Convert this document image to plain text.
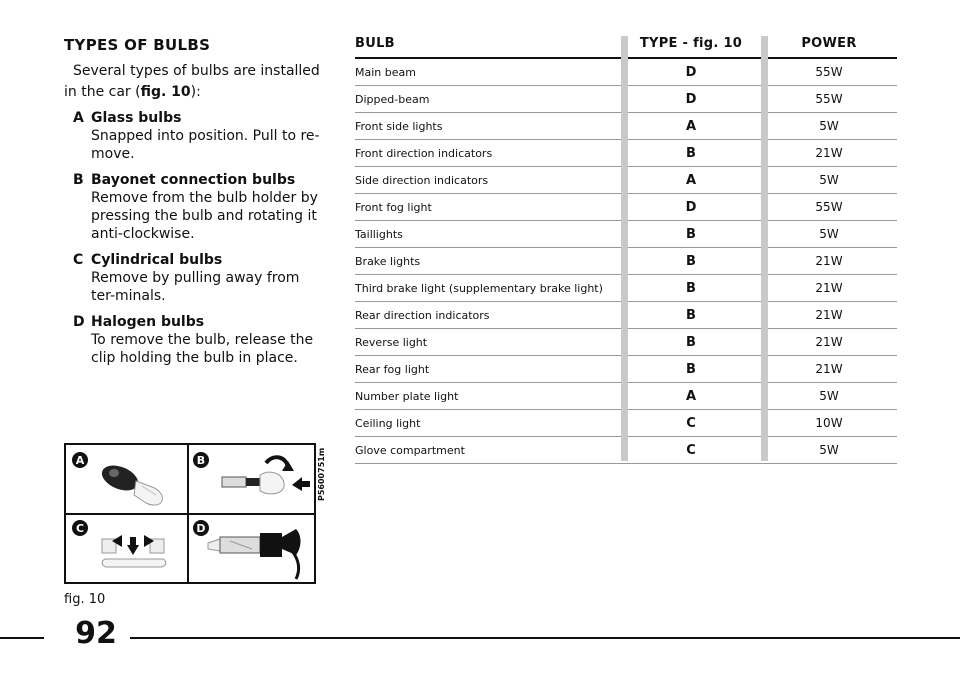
TYPES OF BULBS
Several types of bulbs are installed in the car (fig. 10):
A Glass bulbs
Snapped into position. Pull to re-move.
B Bayonet connection bulbs
Remove from the bulb holder by pressing the bulb and rotating it anti-clockwise.
C Cylindrical bulbs
Remove by pulling away from ter-minals.
D Halogen bulbs
To remove the bulb, release the clip holding the bulb in place.
A	B
C	D
P5600751m
fig. 10
BULB	TYPE - fig. 10	POWER
Main beam	D	55W
Dipped-beam	D	55W
Front side lights	A	5W
Front direction indicators	B	21W
Side direction indicators	A	5W
Front fog light	D	55W
Taillights	B	5W
Brake lights	B	21W
Third brake light (supplementary brake light)	B	21W
Rear direction indicators	B	21W
Reverse light	B	21W
Rear fog light	B	21W
Number plate light	A	5W
Ceiling light	C	10W
Glove compartment	C	5W
92
